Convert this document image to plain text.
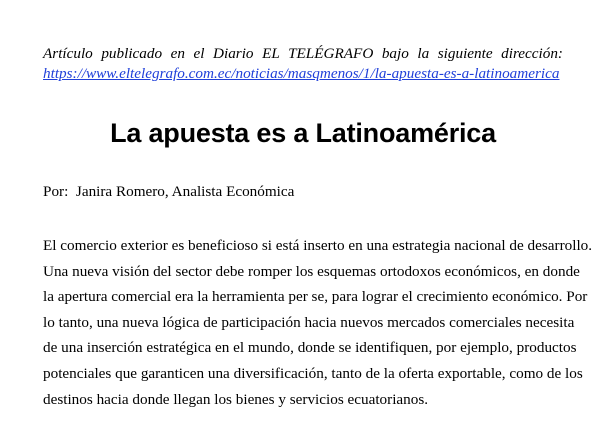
Artículo publicado en el Diario EL TELÉGRAFO bajo la siguiente dirección:
https://www.eltelegrafo.com.ec/noticias/masqmenos/1/la-apuesta-es-a-latinoamerica
La apuesta es a Latinoamérica
Por:  Janira Romero, Analista Económica
El comercio exterior es beneficioso si está inserto en una estrategia nacional de desarrollo.
Una nueva visión del sector debe romper los esquemas ortodoxos económicos, en donde
la apertura comercial era la herramienta per se, para lograr el crecimiento económico. Por
lo tanto, una nueva lógica de participación hacia nuevos mercados comerciales necesita
de una inserción estratégica en el mundo, donde se identifiquen, por ejemplo, productos
potenciales que garanticen una diversificación, tanto de la oferta exportable, como de los
destinos hacia donde llegan los bienes y servicios ecuatorianos.
